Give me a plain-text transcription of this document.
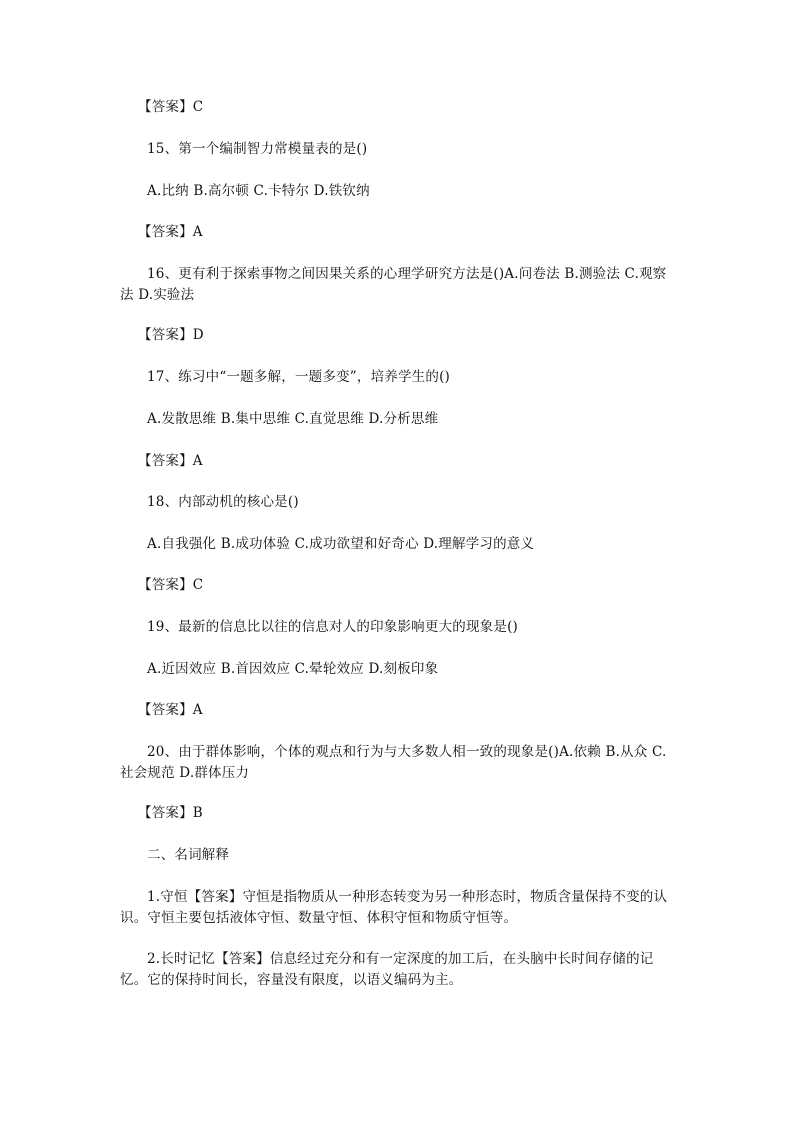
【答案】C

15、第一个编制智力常模量表的是()

A.比纳 B.高尔顿 C.卡特尔 D.铁钦纳

【答案】A

16、更有利于探索事物之间因果关系的心理学研究方法是()A.问卷法 B.测验法 C.观察法 D.实验法

【答案】D

17、练习中“一题多解，一题多变”，培养学生的()

A.发散思维 B.集中思维 C.直觉思维 D.分析思维

【答案】A

18、内部动机的核心是()

A.自我强化 B.成功体验 C.成功欲望和好奇心 D.理解学习的意义

【答案】C

19、最新的信息比以往的信息对人的印象影响更大的现象是()

A.近因效应 B.首因效应 C.晕轮效应 D.刻板印象

【答案】A

20、由于群体影响，个体的观点和行为与大多数人相一致的现象是()A.依赖 B.从众 C.社会规范 D.群体压力

【答案】B

二、名词解释

1.守恒【答案】守恒是指物质从一种形态转变为另一种形态时，物质含量保持不变的认识。守恒主要包括液体守恒、数量守恒、体积守恒和物质守恒等。

2.长时记忆【答案】信息经过充分和有一定深度的加工后，在头脑中长时间存储的记忆。它的保持时间长，容量没有限度，以语义编码为主。
